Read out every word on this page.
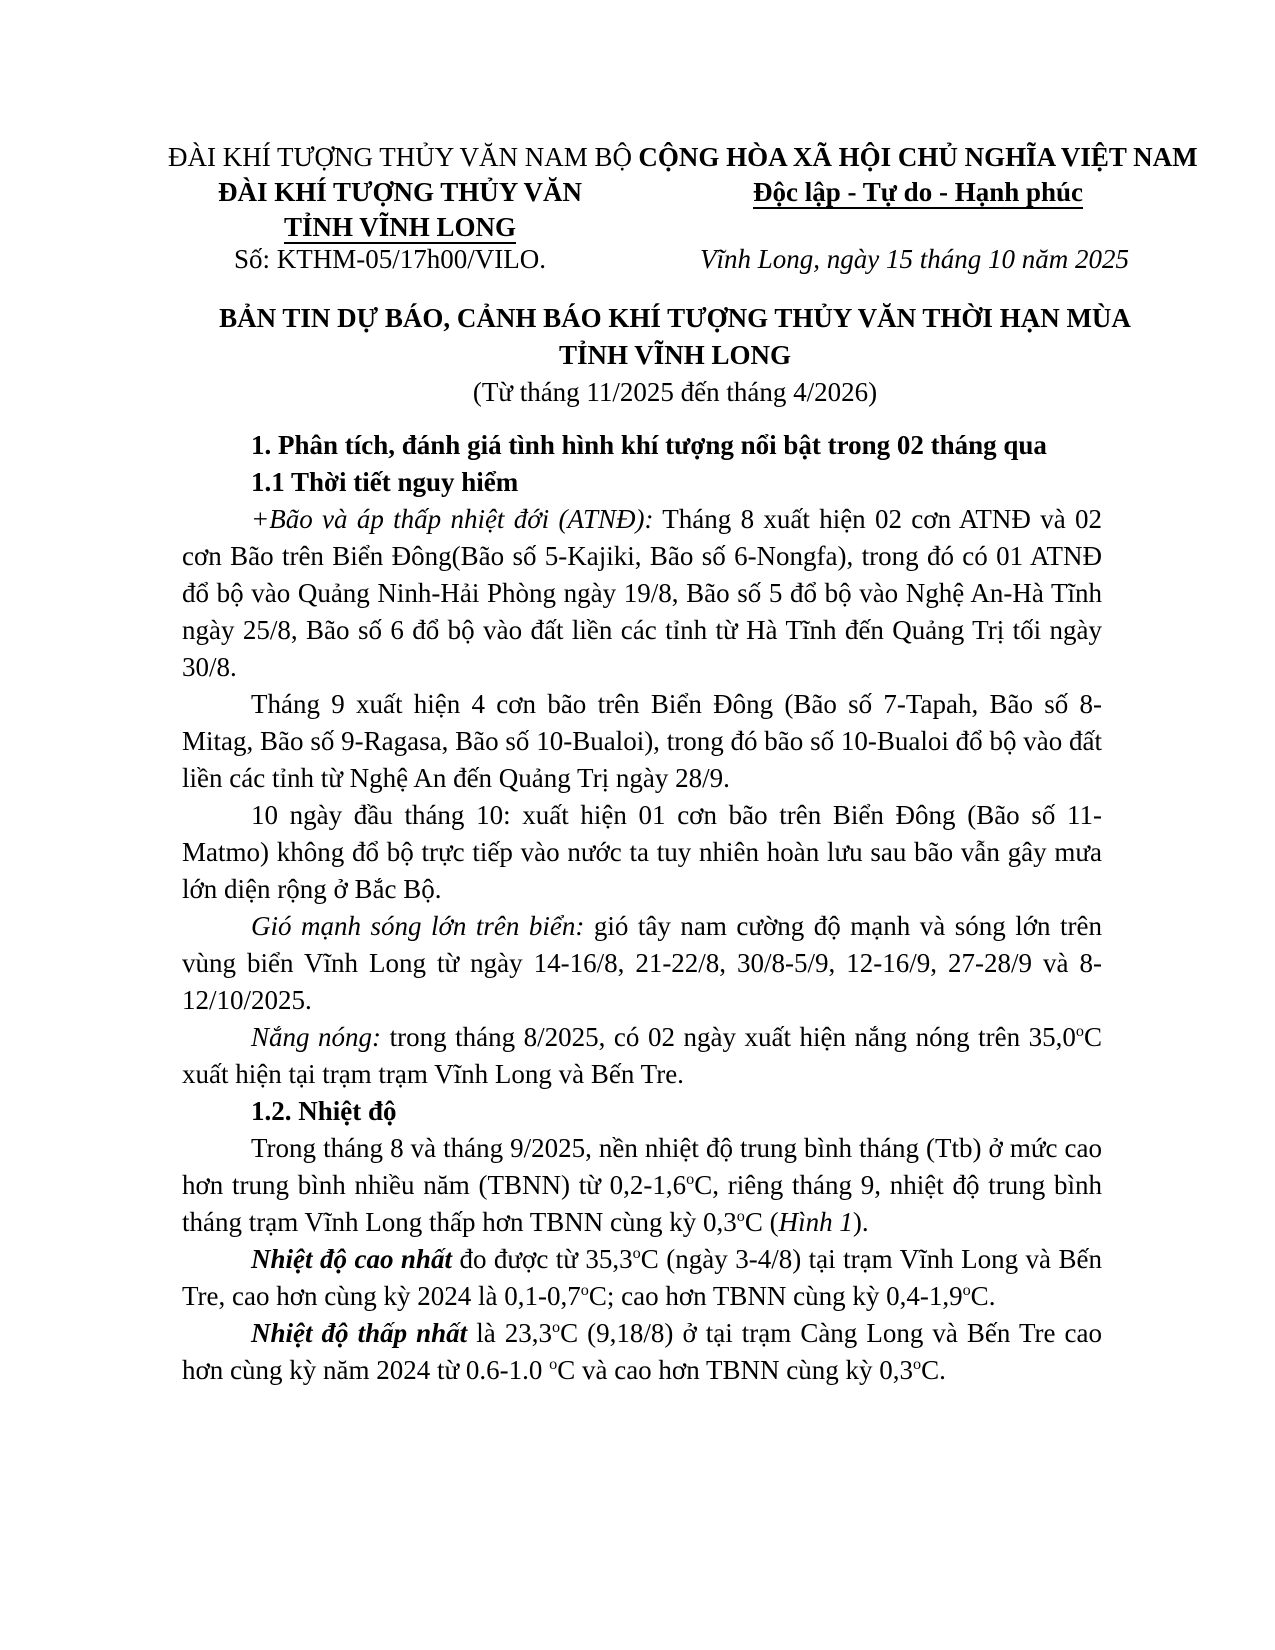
ĐÀI KHÍ TƯỢNG THỦY VĂN NAM BỘ
ĐÀI KHÍ TƯỢNG THỦY VĂN
TỈNH VĨNH LONG
CỘNG HÒA XÃ HỘI CHỦ NGHĨA VIỆT NAM
Độc lập - Tự do - Hạnh phúc
Số: KTHM-05/17h00/VILO.	Vĩnh Long, ngày 15 tháng 10 năm 2025
BẢN TIN DỰ BÁO, CẢNH BÁO KHÍ TƯỢNG THỦY VĂN THỜI HẠN MÙA
TỈNH VĨNH LONG
(Từ tháng 11/2025 đến tháng 4/2026)

1. Phân tích, đánh giá tình hình khí tượng nổi bật trong 02 tháng qua

1.1 Thời tiết nguy hiểm

+Bão và áp thấp nhiệt đới (ATNĐ): Tháng 8 xuất hiện 02 cơn ATNĐ và 02 cơn Bão trên Biển Đông(Bão số 5-Kajiki, Bão số 6-Nongfa), trong đó có 01 ATNĐ đổ bộ vào Quảng Ninh-Hải Phòng ngày 19/8, Bão số 5 đổ bộ vào Nghệ An-Hà Tĩnh ngày 25/8, Bão số 6 đổ bộ vào đất liền các tỉnh từ Hà Tĩnh đến Quảng Trị tối ngày 30/8.

Tháng 9 xuất hiện 4 cơn bão trên Biển Đông (Bão số 7-Tapah, Bão số 8-Mitag, Bão số 9-Ragasa, Bão số 10-Bualoi), trong đó bão số 10-Bualoi đổ bộ vào đất liền các tỉnh từ Nghệ An đến Quảng Trị ngày 28/9.

10 ngày đầu tháng 10: xuất hiện 01 cơn bão trên Biển Đông (Bão số 11-Matmo) không đổ bộ trực tiếp vào nước ta tuy nhiên hoàn lưu sau bão vẫn gây mưa lớn diện rộng ở Bắc Bộ.

Gió mạnh sóng lớn trên biển: gió tây nam cường độ mạnh và sóng lớn trên vùng biển Vĩnh Long từ ngày 14-16/8, 21-22/8, 30/8-5/9, 12-16/9, 27-28/9 và 8-12/10/2025.

Nắng nóng: trong tháng 8/2025, có 02 ngày xuất hiện nắng nóng trên 35,0$^o$C xuất hiện tại trạm trạm Vĩnh Long và Bến Tre.

1.2. Nhiệt độ

Trong tháng 8 và tháng 9/2025, nền nhiệt độ trung bình tháng (Ttb) ở mức cao hơn trung bình nhiều năm (TBNN) từ 0,2-1,6$^o$C, riêng tháng 9, nhiệt độ trung bình tháng trạm Vĩnh Long thấp hơn TBNN cùng kỳ 0,3$^o$C (Hình 1).

Nhiệt độ cao nhất đo được từ 35,3$^o$C (ngày 3-4/8) tại trạm Vĩnh Long và Bến Tre, cao hơn cùng kỳ 2024 là 0,1-0,7$^o$C; cao hơn TBNN cùng kỳ 0,4-1,9$^o$C.

Nhiệt độ thấp nhất là 23,3$^o$C (9,18/8) ở tại trạm Càng Long và Bến Tre cao hơn cùng kỳ năm 2024 từ 0.6-1.0 $^o$C và cao hơn TBNN cùng kỳ 0,3$^o$C.
